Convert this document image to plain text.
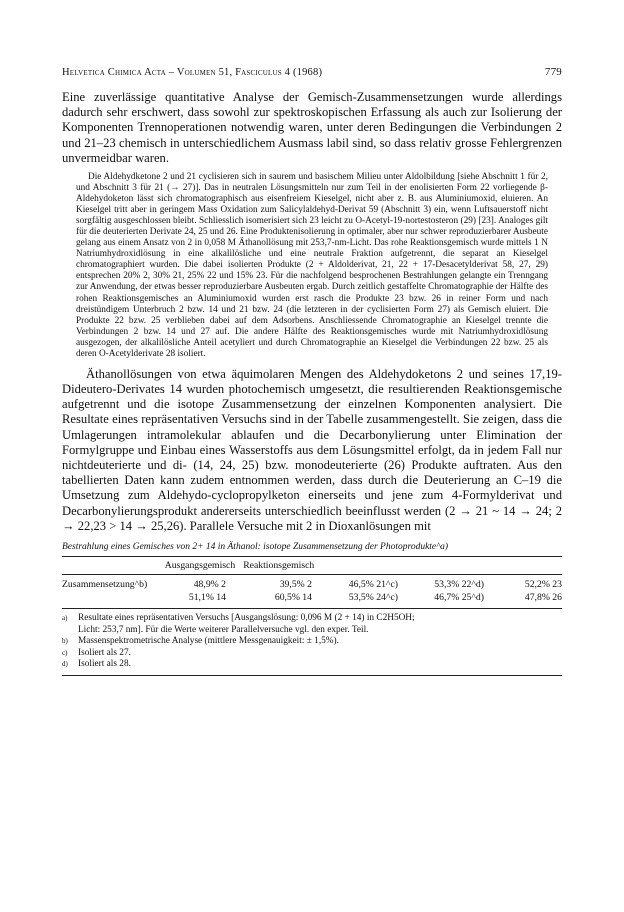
Helvetica Chimica Acta – Volumen 51, Fasciculus 4 (1968)	779

Eine zuverlässige quantitative Analyse der Gemisch-Zusammensetzungen wurde allerdings dadurch sehr erschwert, dass sowohl zur spektroskopischen Erfassung als auch zur Isolierung der Komponenten Trennoperationen notwendig waren, unter deren Bedingungen die Verbindungen 2 und 21–23 chemisch in unterschiedlichem Ausmass labil sind, so dass relativ grosse Fehlergrenzen unvermeidbar waren.

Die Aldehydketone 2 und 21 cyclisieren sich in saurem und basischem Milieu unter Aldolbildung [siehe Abschnitt 1 für 2, und Abschnitt 3 für 21 (→ 27)]. Das in neutralen Lösungsmitteln nur zum Teil in der enolisierten Form 22 vorliegende β-Aldehydoketon lässt sich chromatographisch aus eisenfreiem Kieselgel, nicht aber z. B. aus Aluminiumoxid, eluieren. An Kieselgel tritt aber in geringem Mass Oxidation zum Salicylaldehyd-Derivat 59 (Abschnitt 3) ein, wenn Luftsauerstoff nicht sorgfältig ausgeschlossen bleibt. Schliesslich isomerisiert sich 23 leicht zu O-Acetyl-19-nortestosteron (29) [23]. Analoges gilt für die deuterierten Derivate 24, 25 und 26. Eine Produktenisolierung in optimaler, aber nur schwer reproduzierbarer Ausbeute gelang aus einem Ansatz von 2 in 0,058 M Äthanollösung mit 253,7-nm-Licht. Das rohe Reaktionsgemisch wurde mittels 1 N Natriumhydroxidlösung in eine alkalilösliche und eine neutrale Fraktion aufgetrennt, die separat an Kieselgel chromatographiert wurden. Die dabei isolierten Produkte (2 + Aldolderivat, 21, 22 + 17-Desacetylderivat 58, 27, 29) entsprechen 20% 2, 30% 21, 25% 22 und 15% 23. Für die nachfolgend besprochenen Bestrahlungen gelangte ein Trenngang zur Anwendung, der etwas besser reproduzierbare Ausbeuten ergab. Durch zeitlich gestaffelte Chromatographie der Hälfte des rohen Reaktionsgemisches an Aluminiumoxid wurden erst rasch die Produkte 23 bzw. 26 in reiner Form und nach dreistündigem Unterbruch 2 bzw. 14 und 21 bzw. 24 (die letzteren in der cyclisierten Form 27) als Gemisch eluiert. Die Produkte 22 bzw. 25 verblieben dabei auf dem Adsorbens. Anschliessende Chromatographie an Kieselgel trennte die Verbindungen 2 bzw. 14 und 27 auf. Die andere Hälfte des Reaktionsgemisches wurde mit Natriumhydroxidlösung ausgezogen, der alkalilösliche Anteil acetyliert und durch Chromatographie an Kieselgel die Verbindungen 22 bzw. 25 als deren O-Acetylderivate 28 isoliert.

Äthanollösungen von etwa äquimolaren Mengen des Aldehydoketons 2 und seines 17,19-Dideutero-Derivates 14 wurden photochemisch umgesetzt, die resultierenden Reaktionsgemische aufgetrennt und die isotope Zusammensetzung der einzelnen Komponenten analysiert. Die Resultate eines repräsentativen Versuchs sind in der Tabelle zusammengestellt. Sie zeigen, dass die Umlagerungen intramolekular ablaufen und die Decarbonylierung unter Elimination der Formylgruppe und Einbau eines Wasserstoffs aus dem Lösungsmittel erfolgt, da in jedem Fall nur nichtdeuterierte und di- (14, 24, 25) bzw. monodeuterierte (26) Produkte auftraten. Aus den tabellierten Daten kann zudem entnommen werden, dass durch die Deuterierung an C–19 die Umsetzung zum Aldehydo-cyclopropylketon einerseits und jene zum 4-Formylderivat und Decarbonylierungsprodukt andererseits unterschiedlich beeinflusst werden (2 → 21 ~ 14 → 24; 2 → 22,23 > 14 → 25,26). Parallele Versuche mit 2 in Dioxanlösungen mit

Bestrahlung eines Gemisches von 2+ 14 in Äthanol: isotope Zusammensetzung der Photoprodukte^a)
	Ausgangsgemisch	Reaktionsgemisch
Zusammensetzung^b)	48,9% 2	39,5% 2	46,5% 21^c)	53,3% 22^d)	52,2% 23
	51,1% 14	60,5% 14	53,5% 24^c)	46,7% 25^d)	47,8% 26
a)	Resultate eines repräsentativen Versuchs [Ausgangslösung: 0,096 M (2 + 14) in C2H5OH;
Licht: 253,7 nm]. Für die Werte weiterer Parallelversuche vgl. den exper. Teil.
b)	Massenspektrometrische Analyse (mittlere Messgenauigkeit: ± 1,5%).
c)	Isoliert als 27.
d)	Isoliert als 28.
